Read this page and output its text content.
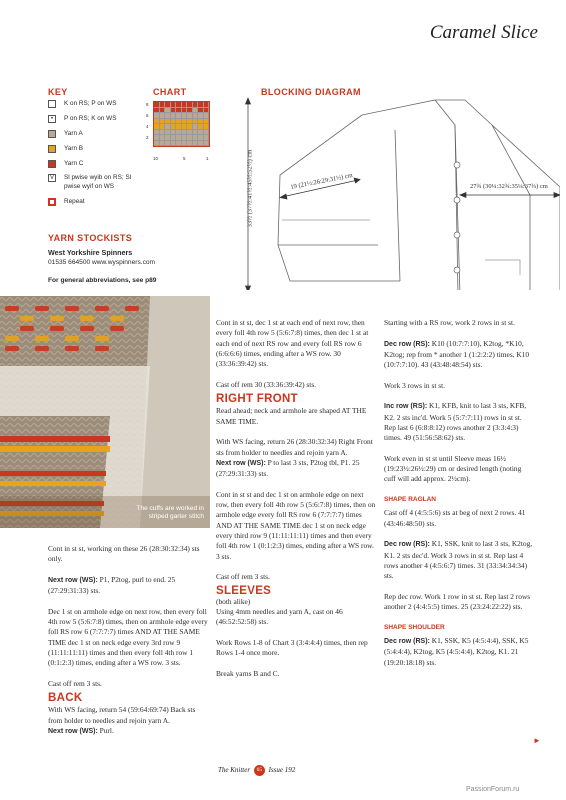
Caramel Slice
KEY
K on RS; P on WS
•	P on RS; K on WS
Yarn A
Yarn B
Yarn C
V	Sl pwise wyib on RS; Sl pwise wyif on WS
Repeat
CHART
8
6
4
2
10	5	1
BLOCKING DIAGRAM
33½ (37½:41½:45½:52½) cm	19 (21½:26:29:31½) cm	27¾ (30¼:32¾:35¼:37¾) cm
YARN STOCKISTS
West Yorkshire Spinners
01535 664500 www.wyspinners.com
For general abbreviations, see p89
The cuffs are worked in striped garter stitch

Cont in st st, working on these 26 (28:30:32:34) sts only.

Next row (WS): P1, P2tog, purl to end. 25 (27:29:31:33) sts.

Dec 1 st on armhole edge on next row, then every foll 4th row 5 (5:6:7:8) times, then on armhole edge every foll RS row 6 (7:7:7:7) times AND AT THE SAME TIME dec 1 st on neck edge every 3rd row 9 (11:11:11:11) times and then every foll 4th row 1 (0:1:2:3) times, ending after a WS row. 3 sts.

Cast off rem 3 sts.

BACK

With WS facing, return 54 (59:64:69:74) Back sts from holder to needles and rejoin yarn A.

Next row (WS): Purl.

Cont in st st, dec 1 st at each end of next row, then every foll 4th row 5 (5:6:7:8) times, then dec 1 st at each end of next RS row and every foll RS row 6 (6:6:6:6) times, ending after a WS row. 30 (33:36:39:42) sts.

Cast off rem 30 (33:36:39:42) sts.

RIGHT FRONT

Read ahead; neck and armhole are shaped AT THE SAME TIME.

With WS facing, return 26 (28:30:32:34) Right Front sts from holder to needles and rejoin yarn A.

Next row (WS): P to last 3 sts, P2tog tbl, P1. 25 (27:29:31:33) sts.

Cont in st st and dec 1 st on armhole edge on next row, then every foll 4th row 5 (5:6:7:8) times, then on armhole edge every foll RS row 6 (7:7:7:7) times AND AT THE SAME TIME dec 1 st on neck edge every third row 9 (11:11:11:11) times and then every foll 4th row 1 (0:1:2:3) times, ending after a WS row. 3 sts.

Cast off rem 3 sts.

SLEEVES

(both alike)

Using 4mm needles and yarn A, cast on 46 (46:52:52:58) sts.

Work Rows 1-8 of Chart 3 (3:4:4:4) times, then rep Rows 1-4 once more.

Break yarns B and C.

Starting with a RS row, work 2 rows in st st.

Dec row (RS): K10 (10:7:7:10), K2tog, *K10, K2tog; rep from * another 1 (1:2:2:2) times, K10 (10:7:7:10). 43 (43:48:48:54) sts.

Work 3 rows in st st.

Inc row (RS): K1, KFB, knit to last 3 sts, KFB, K2. 2 sts inc'd. Work 5 (5:7:7:11) rows in st st. Rep last 6 (6:8:8:12) rows another 2 (3:3:4:3) times. 49 (51:56:58:62) sts.

Work even in st st until Sleeve meas 16½ (19:23½:26½:29) cm or desired length (noting cuff will add approx. 2½cm).

SHAPE RAGLAN

Cast off 4 (4:5:5:6) sts at beg of next 2 rows. 41 (43:46:48:50) sts.

Dec row (RS): K1, SSK, knit to last 3 sts, K2tog, K1. 2 sts dec'd. Work 3 rows in st st. Rep last 4 rows another 4 (4:5:6:7) times. 31 (33:34:34:34) sts.

Rep dec row. Work 1 row in st st. Rep last 2 rows another 2 (4:4:5:5) times. 25 (23:24:22:22) sts.

SHAPE SHOULDER

Dec row (RS): K1, SSK, K5 (4:5:4:4), SSK, K5 (5:4:4:4), K2tog, K5 (4:5:4:4), K2tog, K1. 21 (19:20:18:18) sts.

►
The Knitter 65 Issue 192
PassionForum.ru
